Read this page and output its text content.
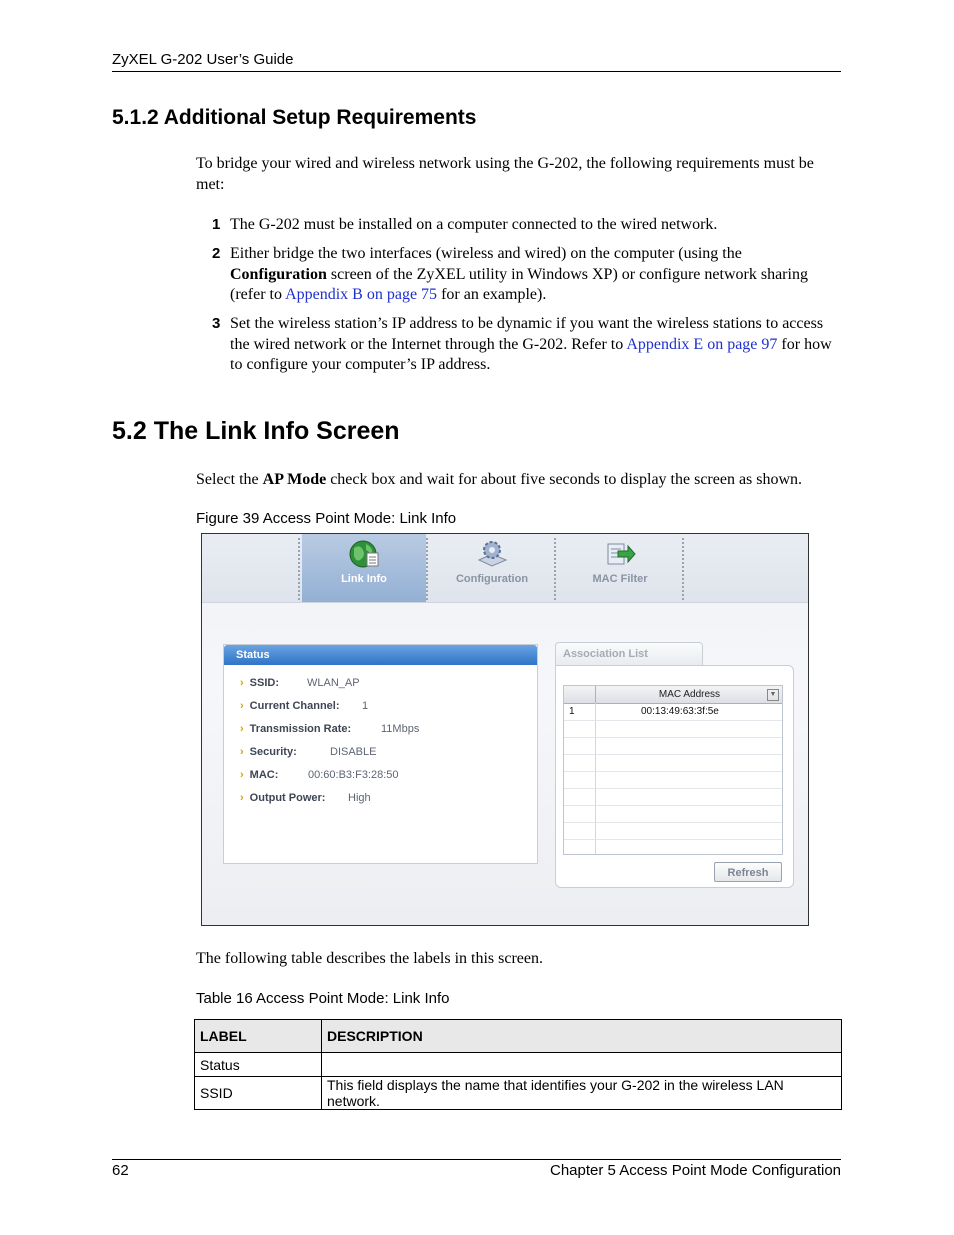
ZyXEL G-202 User’s Guide
5.1.2 Additional Setup Requirements
To bridge your wired and wireless network using the G-202, the following requirements must be met:
1 The G-202 must be installed on a computer connected to the wired network.
2 Either bridge the two interfaces (wireless and wired) on the computer (using the Configuration screen of the ZyXEL utility in Windows XP) or configure network sharing (refer to Appendix B on page 75 for an example).
3 Set the wireless station’s IP address to be dynamic if you want the wireless stations to access the wired network or the Internet through the G-202. Refer to Appendix E on page 97 for how to configure your computer’s IP address.
5.2 The Link Info Screen
Select the AP Mode check box and wait for about five seconds to display the screen as shown.
Figure 39 Access Point Mode: Link Info
Link Info	Configuration	MAC Filter
Status
› SSID:	WLAN_AP
› Current Channel: 1
› Transmission Rate:	11Mbps
› Security:	DISABLE
› MAC:	00:60:B3:F3:28:50
› Output Power: High
Association List
MAC Address	▼
1	00:13:49:63:3f:5e
Refresh
The following table describes the labels in this screen.
Table 16 Access Point Mode: Link Info
LABEL	DESCRIPTION
Status	
SSID	This field displays the name that identifies your G-202 in the wireless LAN network.
62	Chapter 5 Access Point Mode Configuration
